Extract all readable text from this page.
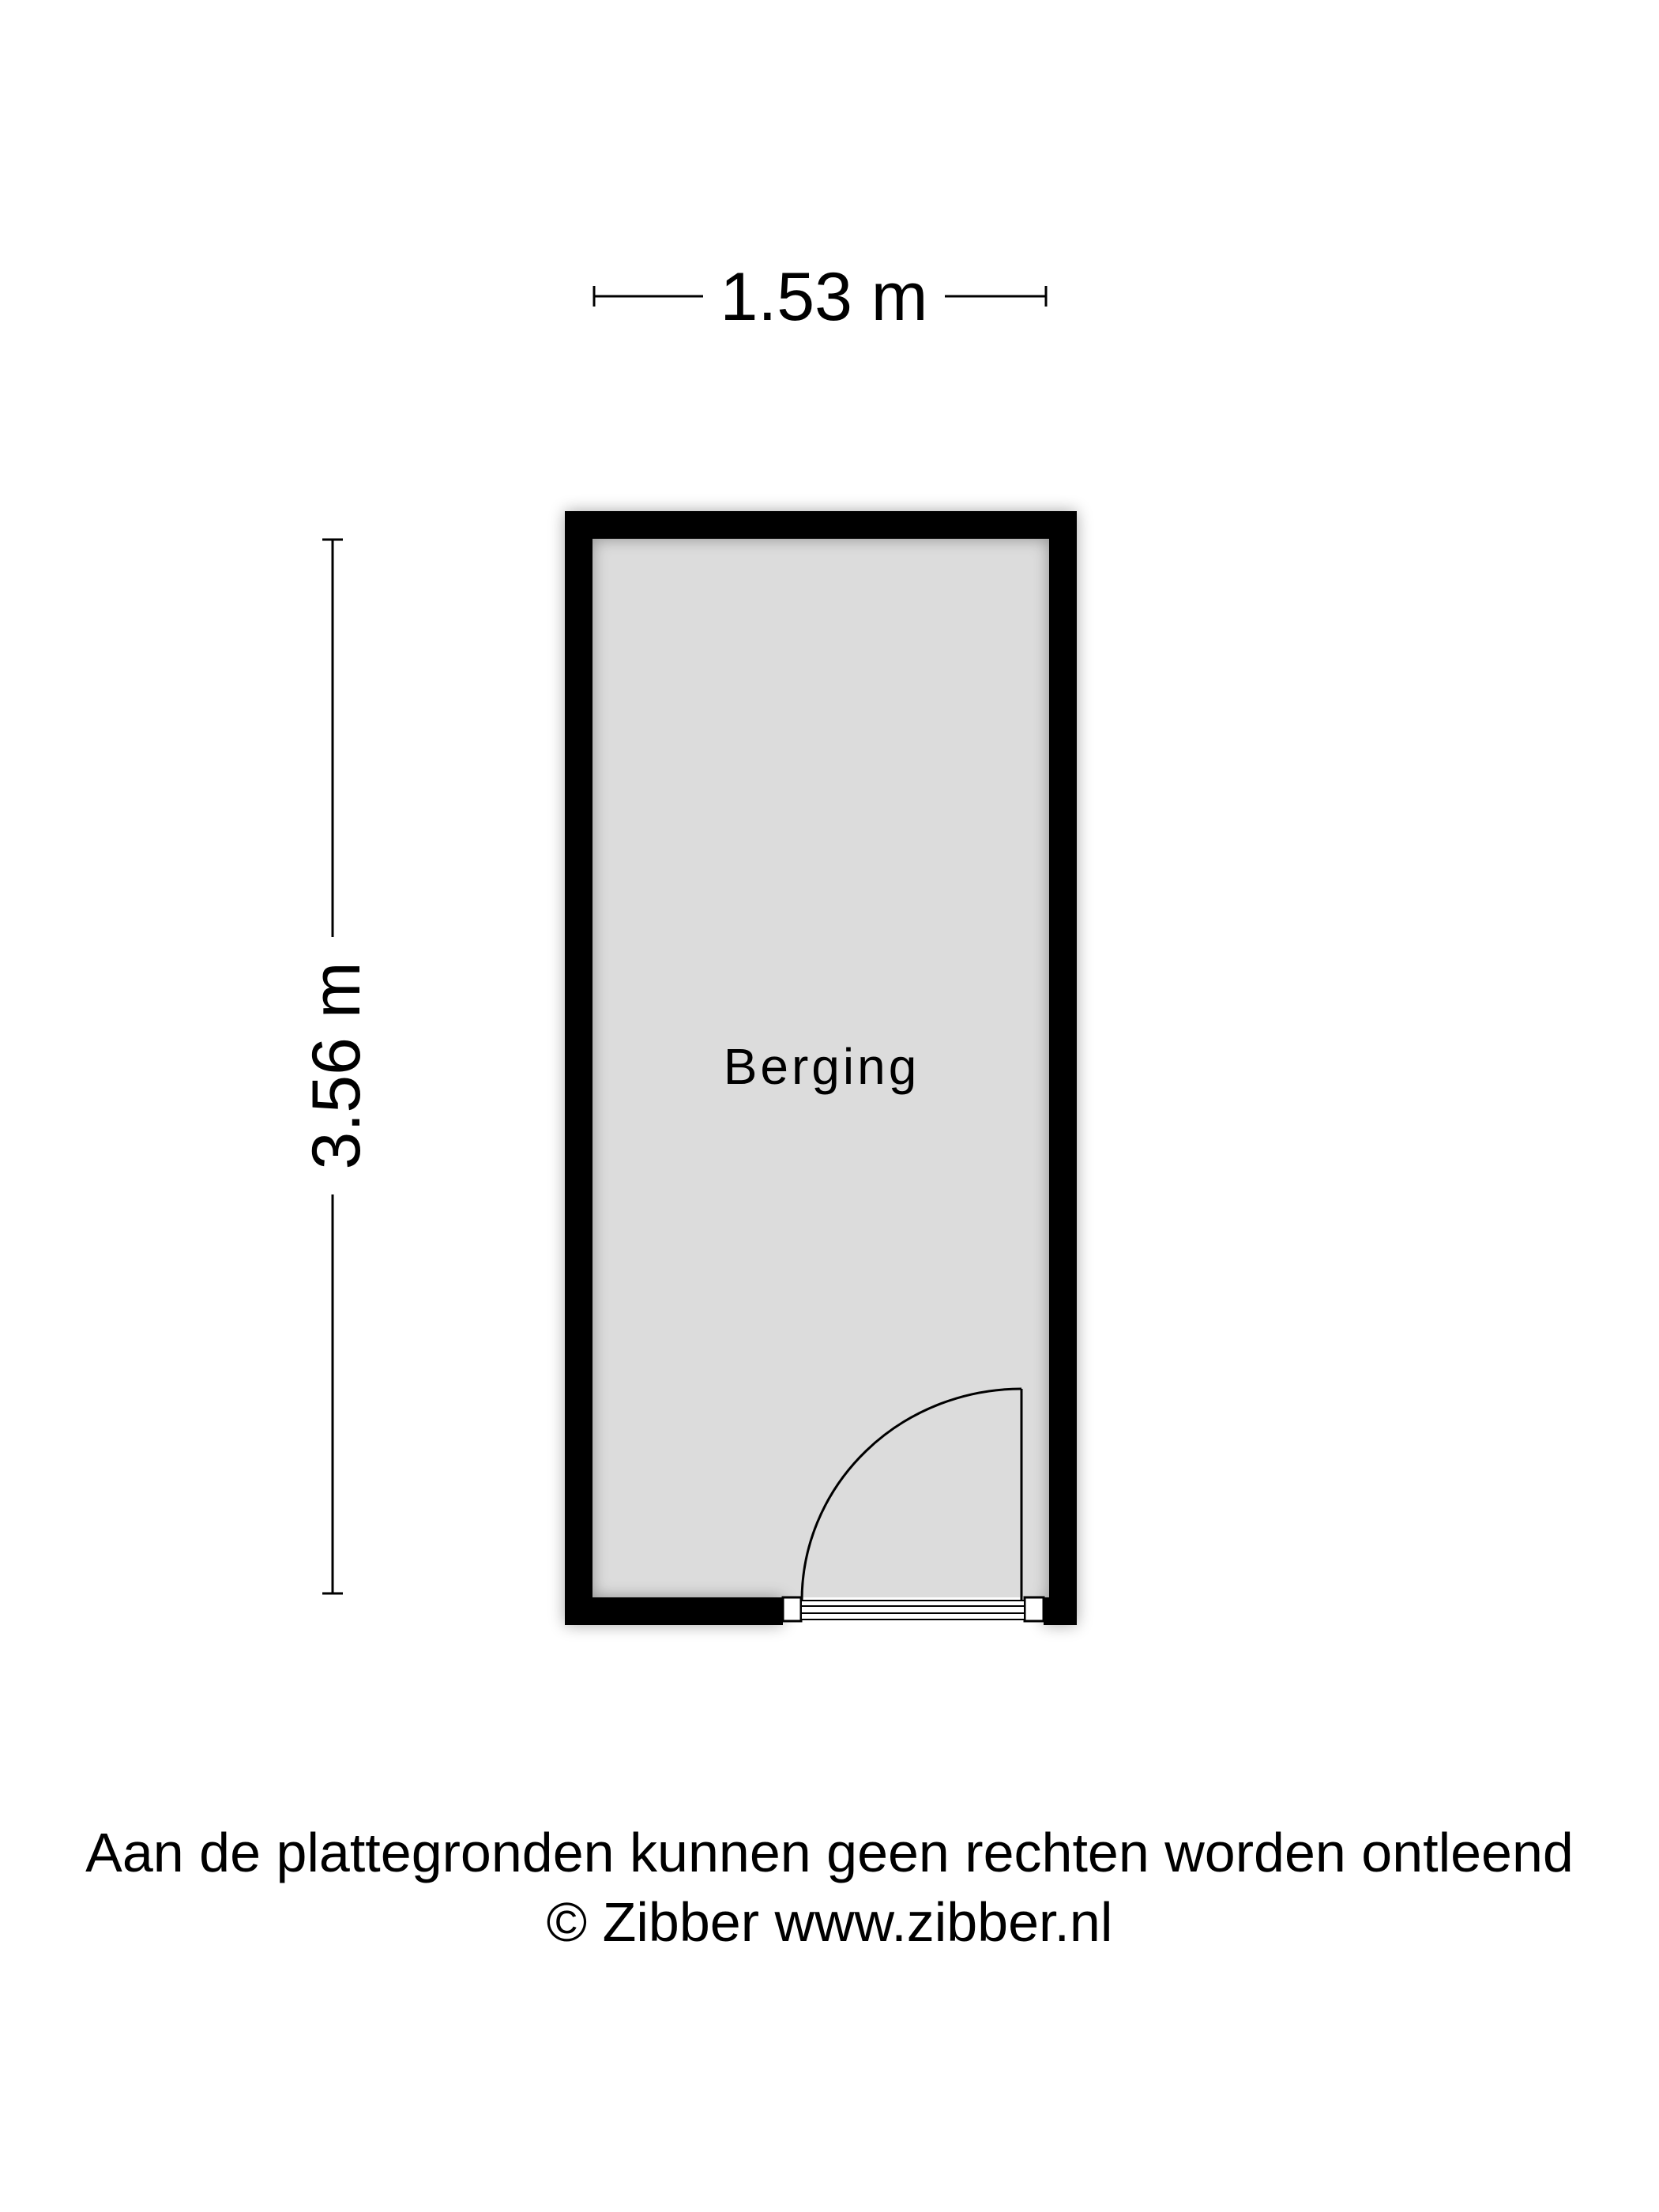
1.53 m
3.56 m	Berging
Aan de plattegronden kunnen geen rechten worden ontleend
© Zibber www.zibber.nl
